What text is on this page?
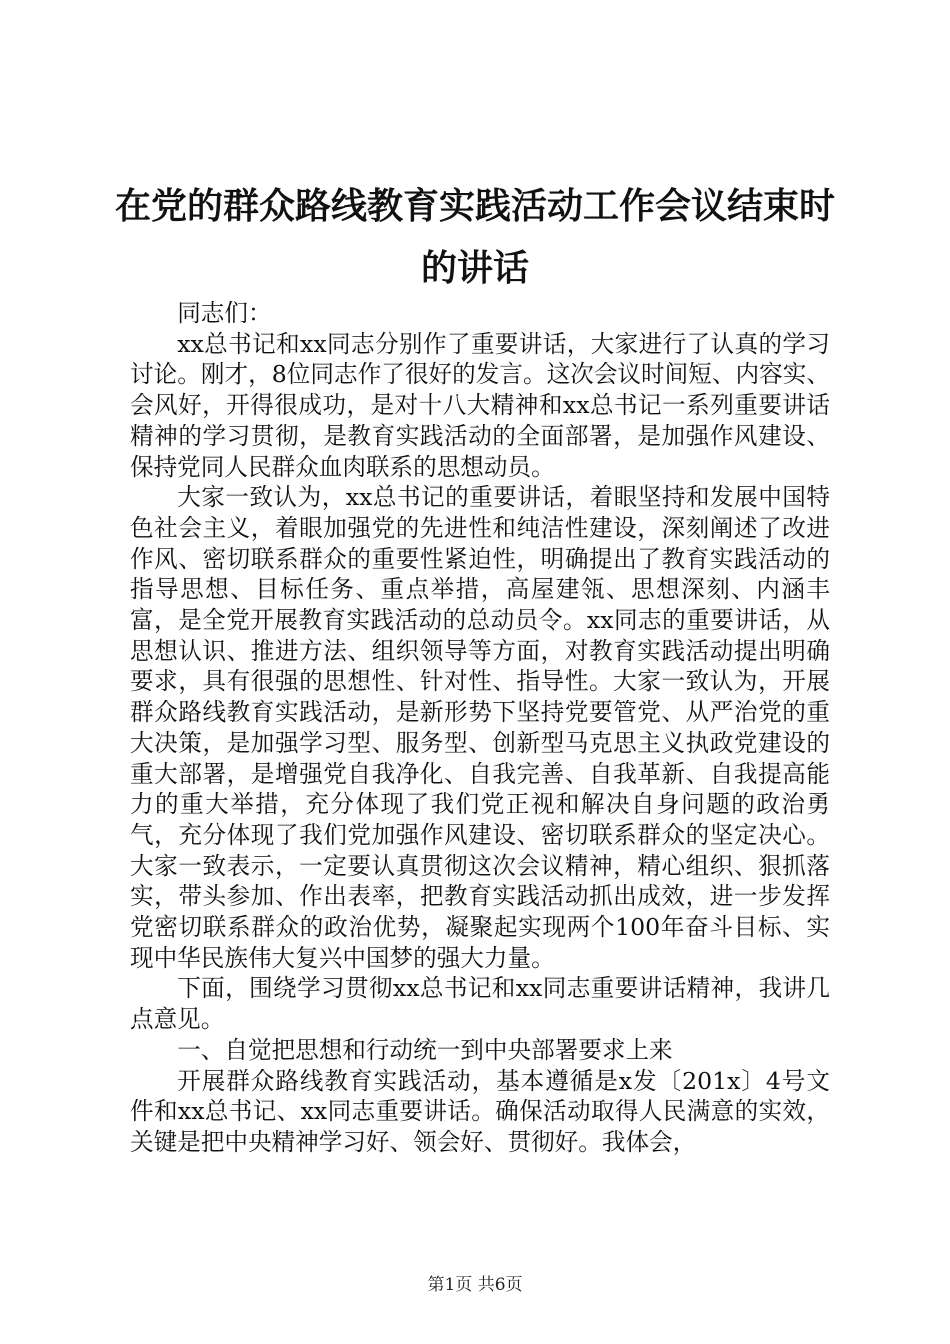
在党的群众路线教育实践活动工作会议结束时
的讲话

同志们：

xx总书记和xx同志分别作了重要讲话，大家进行了认真的学习讨论。刚才，8位同志作了很好的发言。这次会议时间短、内容实、会风好，开得很成功，是对十八大精神和xx总书记一系列重要讲话精神的学习贯彻，是教育实践活动的全面部署，是加强作风建设、保持党同人民群众血肉联系的思想动员。

大家一致认为，xx总书记的重要讲话，着眼坚持和发展中国特色社会主义，着眼加强党的先进性和纯洁性建设，深刻阐述了改进作风、密切联系群众的重要性紧迫性，明确提出了教育实践活动的指导思想、目标任务、重点举措，高屋建瓴、思想深刻、内涵丰富，是全党开展教育实践活动的总动员令。xx同志的重要讲话，从思想认识、推进方法、组织领导等方面，对教育实践活动提出明确要求，具有很强的思想性、针对性、指导性。大家一致认为，开展群众路线教育实践活动，是新形势下坚持党要管党、从严治党的重大决策，是加强学习型、服务型、创新型马克思主义执政党建设的重大部署，是增强党自我净化、自我完善、自我革新、自我提高能力的重大举措，充分体现了我们党正视和解决自身问题的政治勇气，充分体现了我们党加强作风建设、密切联系群众的坚定决心。大家一致表示，一定要认真贯彻这次会议精神，精心组织、狠抓落实，带头参加、作出表率，把教育实践活动抓出成效，进一步发挥党密切联系群众的政治优势，凝聚起实现两个100年奋斗目标、实现中华民族伟大复兴中国梦的强大力量。

下面，围绕学习贯彻xx总书记和xx同志重要讲话精神，我讲几点意见。

一、自觉把思想和行动统一到中央部署要求上来

开展群众路线教育实践活动，基本遵循是x发〔201x〕4号文件和xx总书记、xx同志重要讲话。确保活动取得人民满意的实效，关键是把中央精神学习好、领会好、贯彻好。我体会，

第1页 共6页
